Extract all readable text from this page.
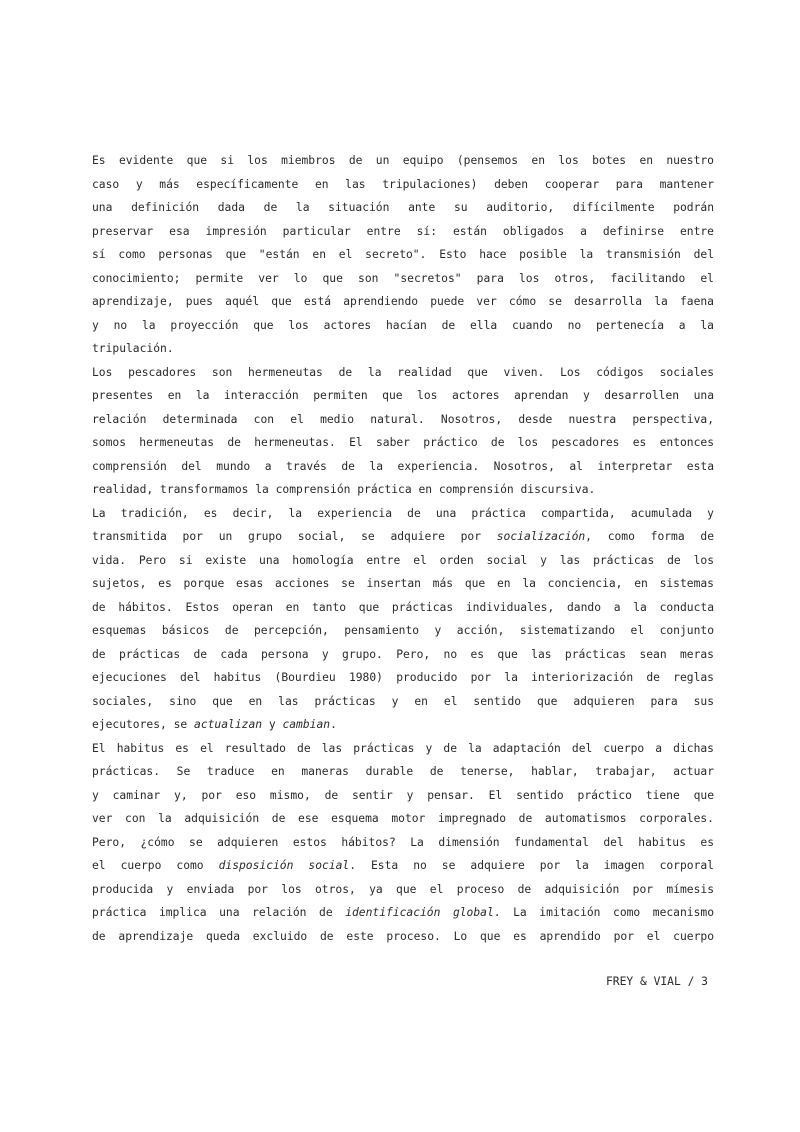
Es evidente que si los miembros de un equipo (pensemos en los botes en nuestro
caso y más específicamente en las tripulaciones) deben cooperar para mantener
una definición dada de la situación ante su auditorio, difícilmente podrán
preservar esa impresión particular entre sí: están obligados a definirse entre
sí como personas que "están en el secreto". Esto hace posible la transmisión del
conocimiento; permite ver lo que son "secretos" para los otros, facilitando el
aprendizaje, pues aquél que está aprendiendo puede ver cómo se desarrolla la faena
y no la proyección que los actores hacían de ella cuando no pertenecía a la
tripulación.
Los pescadores son hermeneutas de la realidad que viven. Los códigos sociales
presentes en la interacción permiten que los actores aprendan y desarrollen una
relación determinada con el medio natural. Nosotros, desde nuestra perspectiva,
somos hermeneutas de hermeneutas. El saber práctico de los pescadores es entonces
comprensión del mundo a través de la experiencia. Nosotros, al interpretar esta
realidad, transformamos la comprensión práctica en comprensión discursiva.
La tradición, es decir, la experiencia de una práctica compartida, acumulada y
transmitida por un grupo social, se adquiere por socialización, como forma de
vida. Pero si existe una homología entre el orden social y las prácticas de los
sujetos, es porque esas acciones se insertan más que en la conciencia, en sistemas
de hábitos. Estos operan en tanto que prácticas individuales, dando a la conducta
esquemas básicos de percepción, pensamiento y acción, sistematizando el conjunto
de prácticas de cada persona y grupo. Pero, no es que las prácticas sean meras
ejecuciones del habitus (Bourdieu 1980) producido por la interiorización de reglas
sociales, sino que en las prácticas y en el sentido que adquieren para sus
ejecutores, se actualizan y cambian.
El habitus es el resultado de las prácticas y de la adaptación del cuerpo a dichas
prácticas. Se traduce en maneras durable de tenerse, hablar, trabajar, actuar
y caminar y, por eso mismo, de sentir y pensar. El sentido práctico tiene que
ver con la adquisición de ese esquema motor impregnado de automatismos corporales.
Pero, ¿cómo se adquieren estos hábitos? La dimensión fundamental del habitus es
el cuerpo como disposición social. Esta no se adquiere por la imagen corporal
producida y enviada por los otros, ya que el proceso de adquisición por mímesis
práctica implica una relación de identificación global. La imitación como mecanismo
de aprendizaje queda excluido de este proceso. Lo que es aprendido por el cuerpo
FREY & VIAL / 3
